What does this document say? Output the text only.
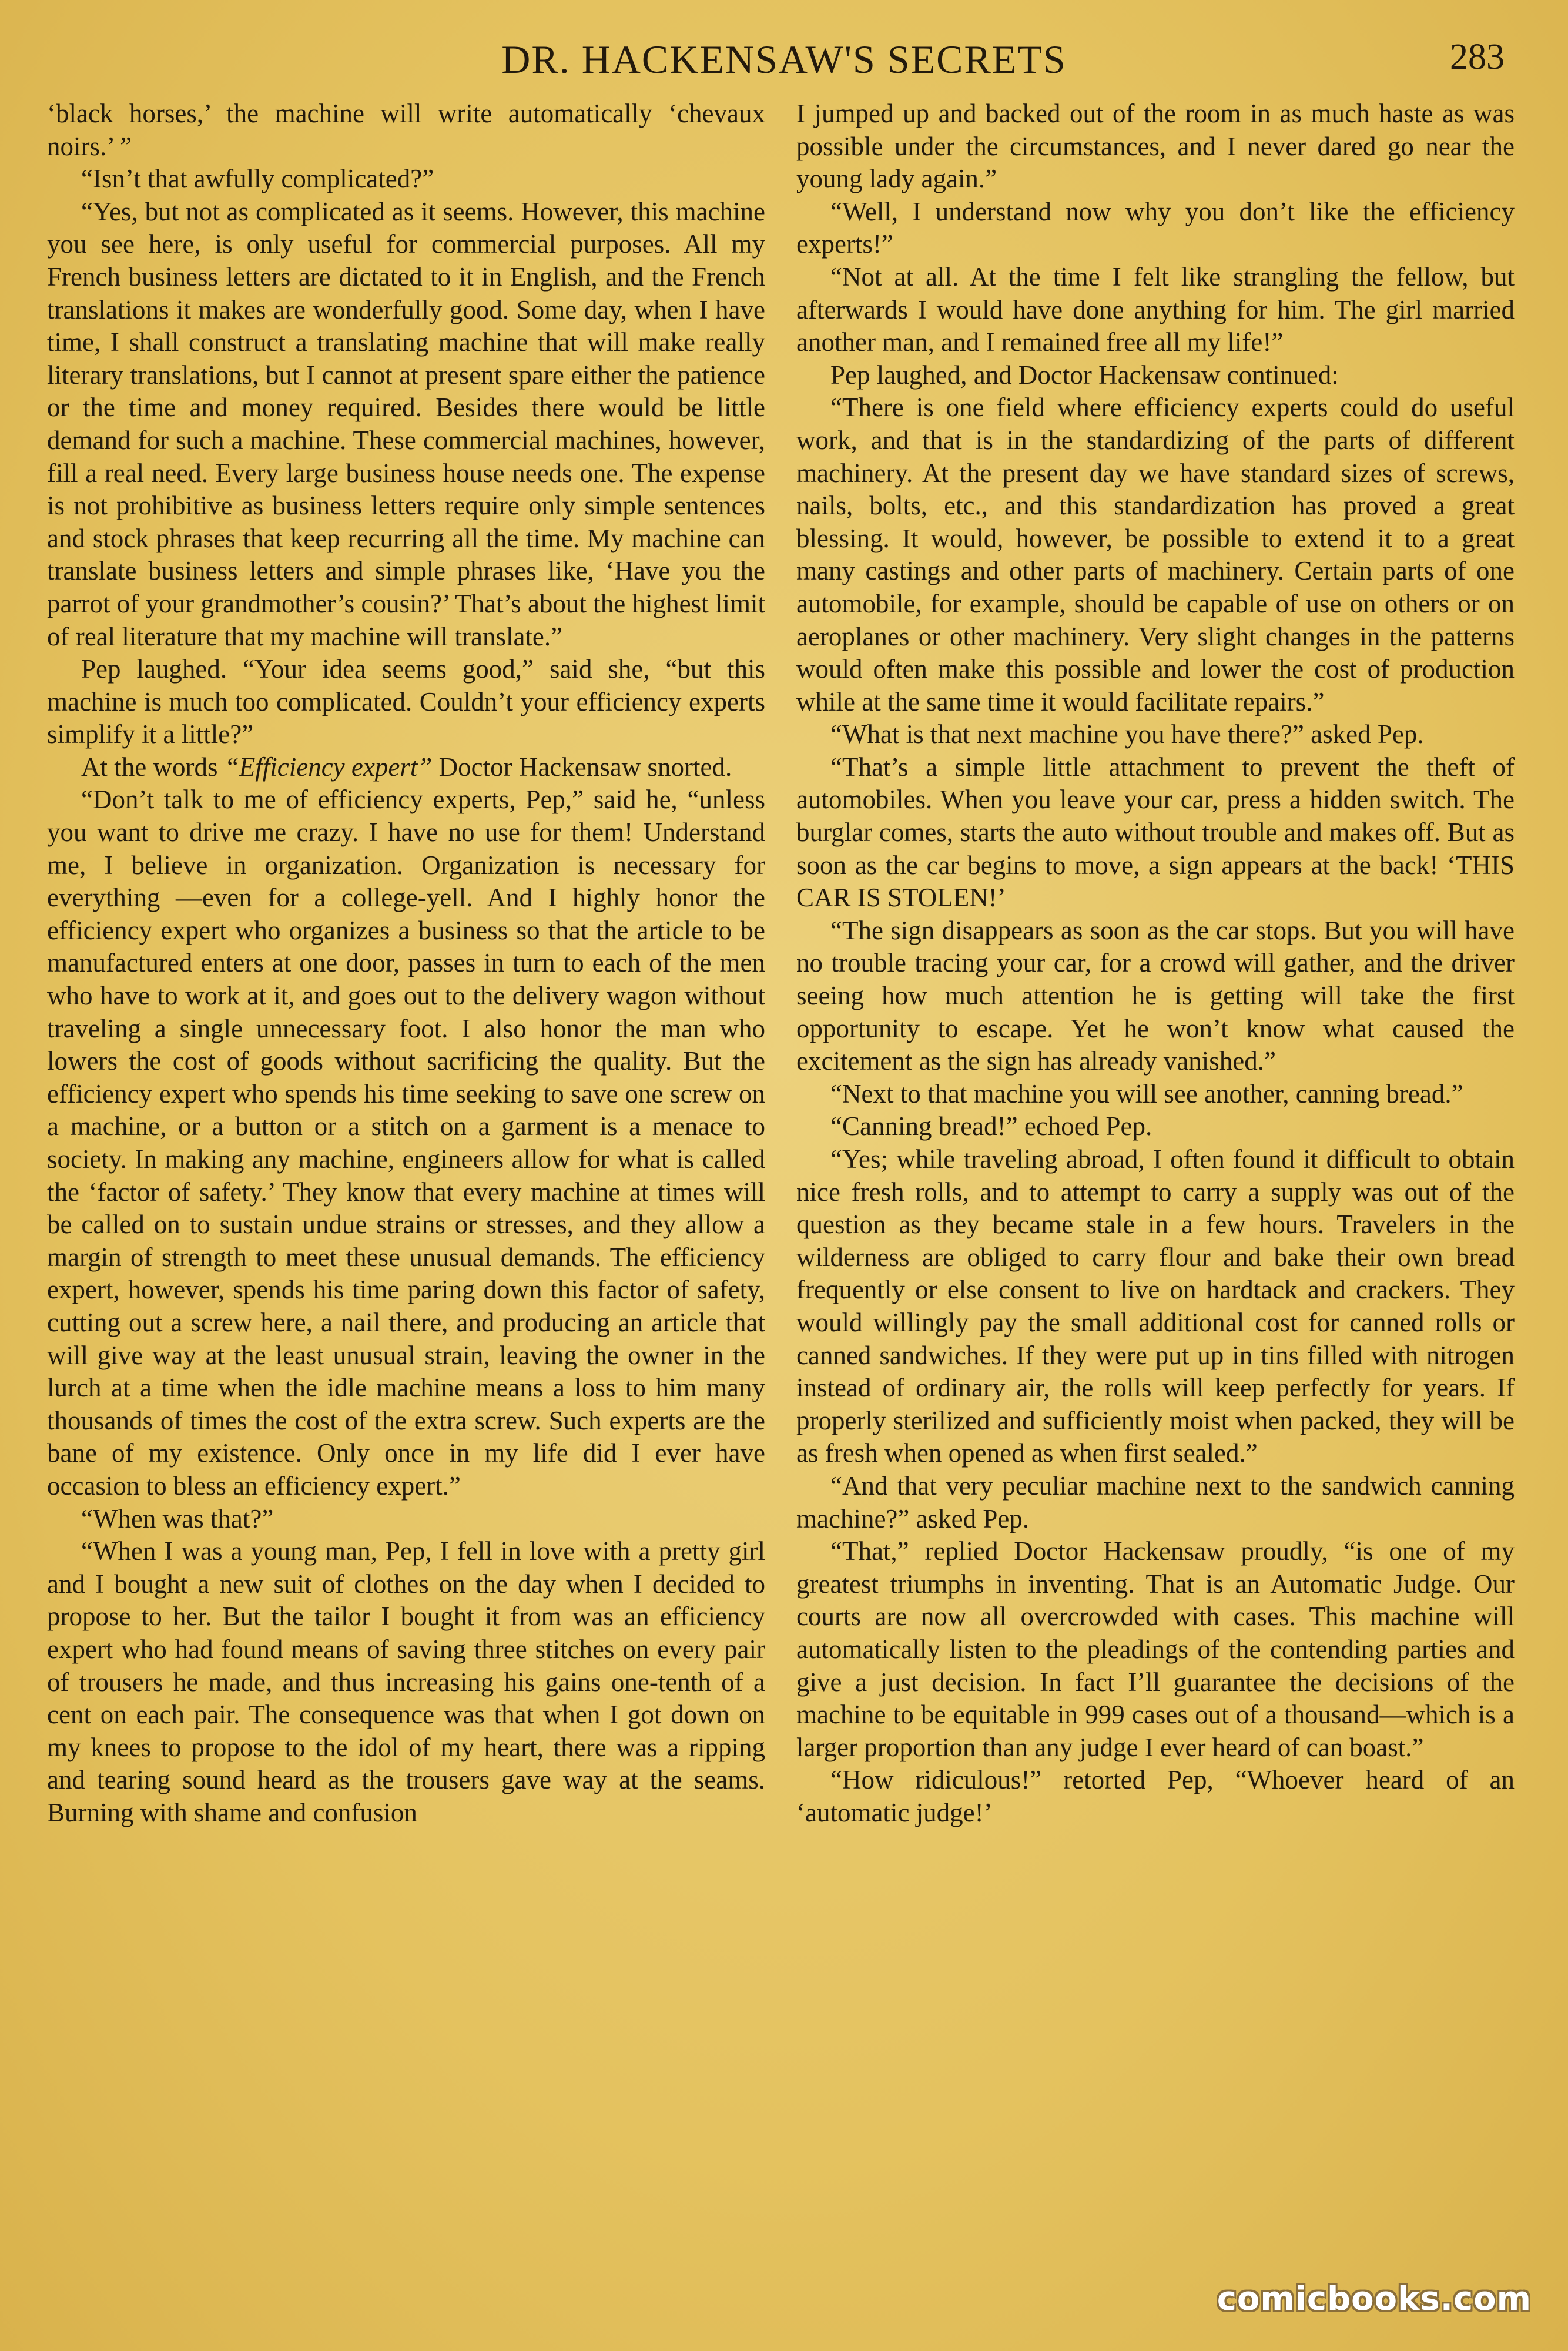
DR. HACKENSAW'S SECRETS	283

‘black horses,’ the machine will write automatically ‘chevaux noirs.’ ”

“Isn’t that awfully complicated?”

“Yes, but not as complicated as it seems. However, this machine you see here, is only useful for commercial purposes. All my French business letters are dictated to it in English, and the French translations it makes are wonderfully good. Some day, when I have time, I shall construct a translating machine that will make really literary translations, but I cannot at present spare either the patience or the time and money required. Besides there would be little demand for such a machine. These commercial machines, however, fill a real need. Every large business house needs one. The expense is not prohibitive as business letters require only simple sentences and stock phrases that keep recurring all the time. My machine can translate business letters and simple phrases like, ‘Have you the parrot of your grandmother’s cousin?’ That’s about the highest limit of real literature that my machine will translate.”

Pep laughed. “Your idea seems good,” said she, “but this machine is much too complicated. Couldn’t your efficiency experts simplify it a little?”

At the words “Efficiency expert” Doctor Hackensaw snorted.

“Don’t talk to me of efficiency experts, Pep,” said he, “unless you want to drive me crazy. I have no use for them! Understand me, I believe in organization. Organization is necessary for everything —even for a college-yell. And I highly honor the efficiency expert who organizes a business so that the article to be manufactured enters at one door, passes in turn to each of the men who have to work at it, and goes out to the delivery wagon without traveling a single unnecessary foot. I also honor the man who lowers the cost of goods without sacrificing the quality. But the efficiency expert who spends his time seeking to save one screw on a machine, or a button or a stitch on a garment is a menace to society. In making any machine, engineers allow for what is called the ‘factor of safety.’ They know that every machine at times will be called on to sustain undue strains or stresses, and they allow a margin of strength to meet these unusual demands. The efficiency expert, however, spends his time paring down this factor of safety, cutting out a screw here, a nail there, and producing an article that will give way at the least unusual strain, leaving the owner in the lurch at a time when the idle machine means a loss to him many thousands of times the cost of the extra screw. Such experts are the bane of my existence. Only once in my life did I ever have occasion to bless an efficiency expert.”

“When was that?”

“When I was a young man, Pep, I fell in love with a pretty girl and I bought a new suit of clothes on the day when I decided to propose to her. But the tailor I bought it from was an efficiency expert who had found means of saving three stitches on every pair of trousers he made, and thus increasing his gains one-tenth of a cent on each pair. The consequence was that when I got down on my knees to propose to the idol of my heart, there was a ripping and tearing sound heard as the trousers gave way at the seams. Burning with shame and confusion

I jumped up and backed out of the room in as much haste as was possible under the circumstances, and I never dared go near the young lady again.”

“Well, I understand now why you don’t like the efficiency experts!”

“Not at all. At the time I felt like strangling the fellow, but afterwards I would have done anything for him. The girl married another man, and I remained free all my life!”

Pep laughed, and Doctor Hackensaw continued:

“There is one field where efficiency experts could do useful work, and that is in the standardizing of the parts of different machinery. At the present day we have standard sizes of screws, nails, bolts, etc., and this standardization has proved a great blessing. It would, however, be possible to extend it to a great many castings and other parts of machinery. Certain parts of one automobile, for example, should be capable of use on others or on aeroplanes or other machinery. Very slight changes in the patterns would often make this possible and lower the cost of production while at the same time it would facilitate repairs.”

“What is that next machine you have there?” asked Pep.

“That’s a simple little attachment to prevent the theft of automobiles. When you leave your car, press a hidden switch. The burglar comes, starts the auto without trouble and makes off. But as soon as the car begins to move, a sign appears at the back! ‘THIS CAR IS STOLEN!’

“The sign disappears as soon as the car stops. But you will have no trouble tracing your car, for a crowd will gather, and the driver seeing how much attention he is getting will take the first opportunity to escape. Yet he won’t know what caused the excitement as the sign has already vanished.”

“Next to that machine you will see another, canning bread.”

“Canning bread!” echoed Pep.

“Yes; while traveling abroad, I often found it difficult to obtain nice fresh rolls, and to attempt to carry a supply was out of the question as they became stale in a few hours. Travelers in the wilderness are obliged to carry flour and bake their own bread frequently or else consent to live on hardtack and crackers. They would willingly pay the small additional cost for canned rolls or canned sandwiches. If they were put up in tins filled with nitrogen instead of ordinary air, the rolls will keep perfectly for years. If properly sterilized and sufficiently moist when packed, they will be as fresh when opened as when first sealed.”

“And that very peculiar machine next to the sandwich canning machine?” asked Pep.

“That,” replied Doctor Hackensaw proudly, “is one of my greatest triumphs in inventing. That is an Automatic Judge. Our courts are now all overcrowded with cases. This machine will automatically listen to the pleadings of the contending parties and give a just decision. In fact I’ll guarantee the decisions of the machine to be equitable in 999 cases out of a thousand—which is a larger proportion than any judge I ever heard of can boast.”

“How ridiculous!” retorted Pep, “Whoever heard of an ‘automatic judge!’

comicbooks.com
